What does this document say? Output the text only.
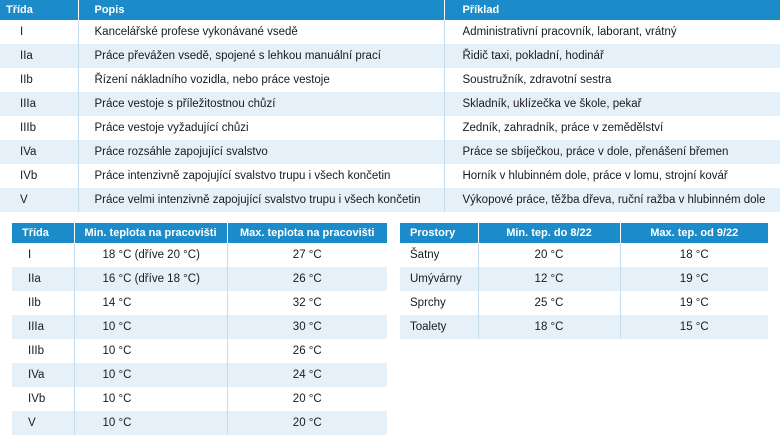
Třída	Popis	Příklad
I	Kancelářské profese vykonávané vsedě	Administrativní pracovník, laborant, vrátný
IIa	Práce převážen vsedě, spojené s lehkou manuální prací	Řidič taxi, pokladní, hodinář
IIb	Řízení nákladního vozidla, nebo práce vestoje	Soustružník, zdravotní sestra
IIIa	Práce vestoje s příležitostnou chůzí	Skladník, uklízečka ve škole, pekař
IIIb	Práce vestoje vyžadující chůzi	Zedník, zahradník, práce v zemědělství
IVa	Práce rozsáhle zapojující svalstvo	Práce se sbíječkou, práce v dole, přenášení břemen
IVb	Práce intenzivně zapojující svalstvo trupu i všech končetin	Horník v hlubinném dole, práce v lomu, strojní kovář
V	Práce velmi intenzivně zapojující svalstvo trupu i všech končetin	Výkopové práce, těžba dřeva, ruční ražba v hlubinném dole
Třída	Min. teplota na pracovišti	Max. teplota na pracovišti
I	18 °C (dříve 20 °C)	27 °C
IIa	16 °C (dříve 18 °C)	26 °C
IIb	14 °C	32 °C
IIIa	10 °C	30 °C
IIIb	10 °C	26 °C
IVa	10 °C	24 °C
IVb	10 °C	20 °C
V	10 °C	20 °C
Prostory	Min. tep. do 8/22	Max. tep. od 9/22
Šatny	20 °C	18 °C
Umývárny	12 °C	19 °C
Sprchy	25 °C	19 °C
Toalety	18 °C	15 °C
